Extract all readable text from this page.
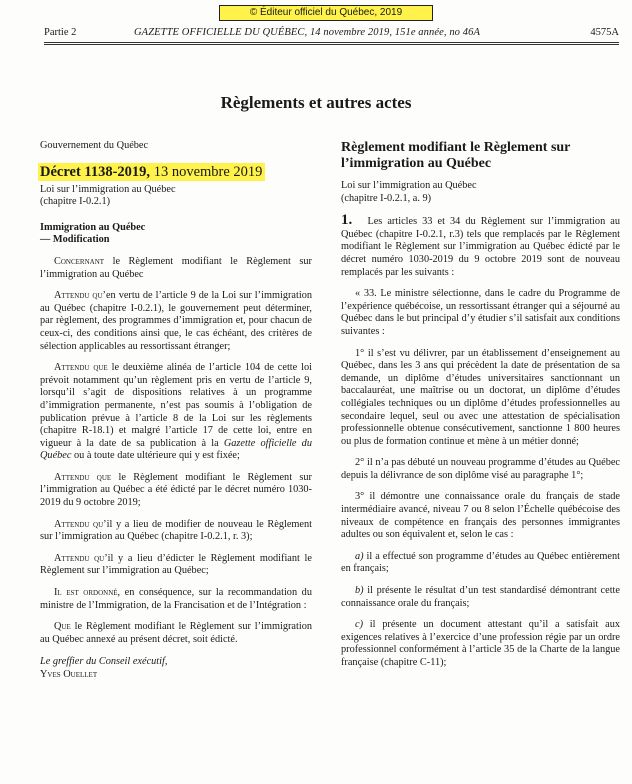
© Éditeur officiel du Québec, 2019
Partie 2	GAZETTE OFFICIELLE DU QUÉBEC, 14 novembre 2019, 151e année, no 46A	4575A
Règlements et autres actes

Gouvernement du Québec

Décret 1138-2019, 13 novembre 2019

Loi sur l’immigration au Québec

(chapitre I-0.2.1)

Immigration au Québec

— Modification

Concernant le Règlement modifiant le Règlement sur l’immigration au Québec

Attendu qu’en vertu de l’article 9 de la Loi sur l’immigration au Québec (chapitre I-0.2.1), le gouvernement peut déterminer, par règlement, des programmes d’immigration et, pour chacun de ceux-ci, des conditions ainsi que, le cas échéant, des critères de sélection applicables au ressortissant étranger;

Attendu que le deuxième alinéa de l’article 104 de cette loi prévoit notamment qu’un règlement pris en vertu de l’article 9, lorsqu’il s’agit de dispositions relatives à un programme d’immigration permanente, n’est pas soumis à l’obligation de publication prévue à l’article 8 de la Loi sur les règlements (chapitre R-18.1) et malgré l’article 17 de cette loi, entre en vigueur à la date de sa publication à la Gazette officielle du Québec ou à toute date ultérieure qui y est fixée;

Attendu que le Règlement modifiant le Règlement sur l’immigration au Québec a été édicté par le décret numéro 1030-2019 du 9 octobre 2019;

Attendu qu’il y a lieu de modifier de nouveau le Règlement sur l’immigration au Québec (chapitre I-0.2.1, r. 3);

Attendu qu’il y a lieu d’édicter le Règlement modifiant le Règlement sur l’immigration au Québec;

Il est ordonné, en conséquence, sur la recommandation du ministre de l’Immigration, de la Francisation et de l’Intégration :

Que le Règlement modifiant le Règlement sur l’immigration au Québec annexé au présent décret, soit édicté.

Le greffier du Conseil exécutif,

Yves Ouellet

Règlement modifiant le Règlement sur l’immigration au Québec

Loi sur l’immigration au Québec

(chapitre I-0.2.1, a. 9)

1. Les articles 33 et 34 du Règlement sur l’immigration au Québec (chapitre I-0.2.1, r.3) tels que remplacés par le Règlement modifiant le Règlement sur l’immigration au Québec édicté par le décret numéro 1030-2019 du 9 octobre 2019 sont de nouveau remplacés par les suivants :

« 33. Le ministre sélectionne, dans le cadre du Programme de l’expérience québécoise, un ressortissant étranger qui a séjourné au Québec dans le but principal d’y étudier s’il satisfait aux conditions suivantes :

1° il s’est vu délivrer, par un établissement d’enseignement au Québec, dans les 3 ans qui précèdent la date de présentation de sa demande, un diplôme d’études universitaires sanctionnant un baccalauréat, une maîtrise ou un doctorat, un diplôme d’études collégiales techniques ou un diplôme d’études professionnelles au secondaire lequel, seul ou avec une attestation de spécialisation professionnelle obtenue consécutivement, sanctionne 1 800 heures ou plus de formation continue et mène à un métier donné;

2° il n’a pas débuté un nouveau programme d’études au Québec depuis la délivrance de son diplôme visé au paragraphe 1°;

3° il démontre une connaissance orale du français de stade intermédiaire avancé, niveau 7 ou 8 selon l’Échelle québécoise des niveaux de compétence en français des personnes immigrantes adultes ou son équivalent et, selon le cas :

a) il a effectué son programme d’études au Québec entièrement en français;

b) il présente le résultat d’un test standardisé démontrant cette connaissance orale du français;

c) il présente un document attestant qu’il a satisfait aux exigences relatives à l’exercice d’une profession régie par un ordre professionnel conformément à l’article 35 de la Charte de la langue française (chapitre C-11);
